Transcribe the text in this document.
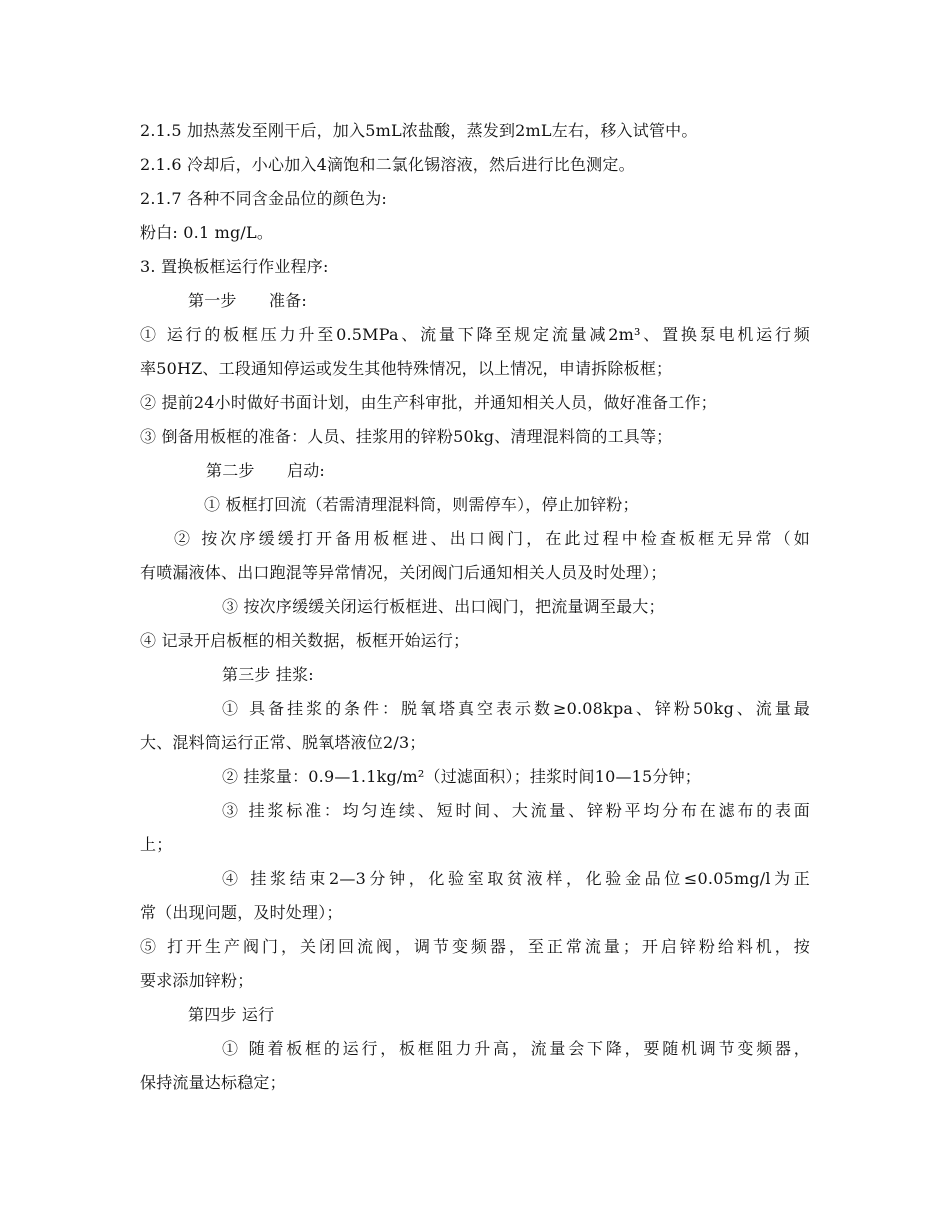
2.1.5 加热蒸发至刚干后，加入5mL浓盐酸，蒸发到2mL左右，移入试管中。
2.1.6 冷却后，小心加入4滴饱和二氯化锡溶液，然后进行比色测定。
2.1.7 各种不同含金品位的颜色为:
粉白: 0.1 mg/L。
3. 置换板框运行作业程序:
第一步　　准备:
① 运行的板框压力升至0.5MPa、流量下降至规定流量减2m³、置换泵电机运行频
率50HZ、工段通知停运或发生其他特殊情况，以上情况，申请拆除板框；
② 提前24小时做好书面计划，由生产科审批，并通知相关人员，做好准备工作；
③ 倒备用板框的准备：人员、挂浆用的锌粉50kg、清理混料筒的工具等；
第二步　　启动:
① 板框打回流（若需清理混料筒，则需停车），停止加锌粉；
② 按次序缓缓打开备用板框进、出口阀门，在此过程中检查板框无异常（如
有喷漏液体、出口跑混等异常情况，关闭阀门后通知相关人员及时处理）；
③ 按次序缓缓关闭运行板框进、出口阀门，把流量调至最大；
④ 记录开启板框的相关数据，板框开始运行；
第三步 挂浆:
① 具备挂浆的条件：脱氧塔真空表示数≥0.08kpa、锌粉50kg、流量最
大、混料筒运行正常、脱氧塔液位2/3；
② 挂浆量：0.9—1.1kg/m²（过滤面积）；挂浆时间10—15分钟；
③ 挂浆标准：均匀连续、短时间、大流量、锌粉平均分布在滤布的表面
上；
④ 挂浆结束2—3分钟，化验室取贫液样，化验金品位≤0.05mg/l为正
常（出现问题，及时处理）；
⑤ 打开生产阀门，关闭回流阀，调节变频器，至正常流量；开启锌粉给料机，按
要求添加锌粉；
第四步 运行
① 随着板框的运行，板框阻力升高，流量会下降，要随机调节变频器，
保持流量达标稳定；
